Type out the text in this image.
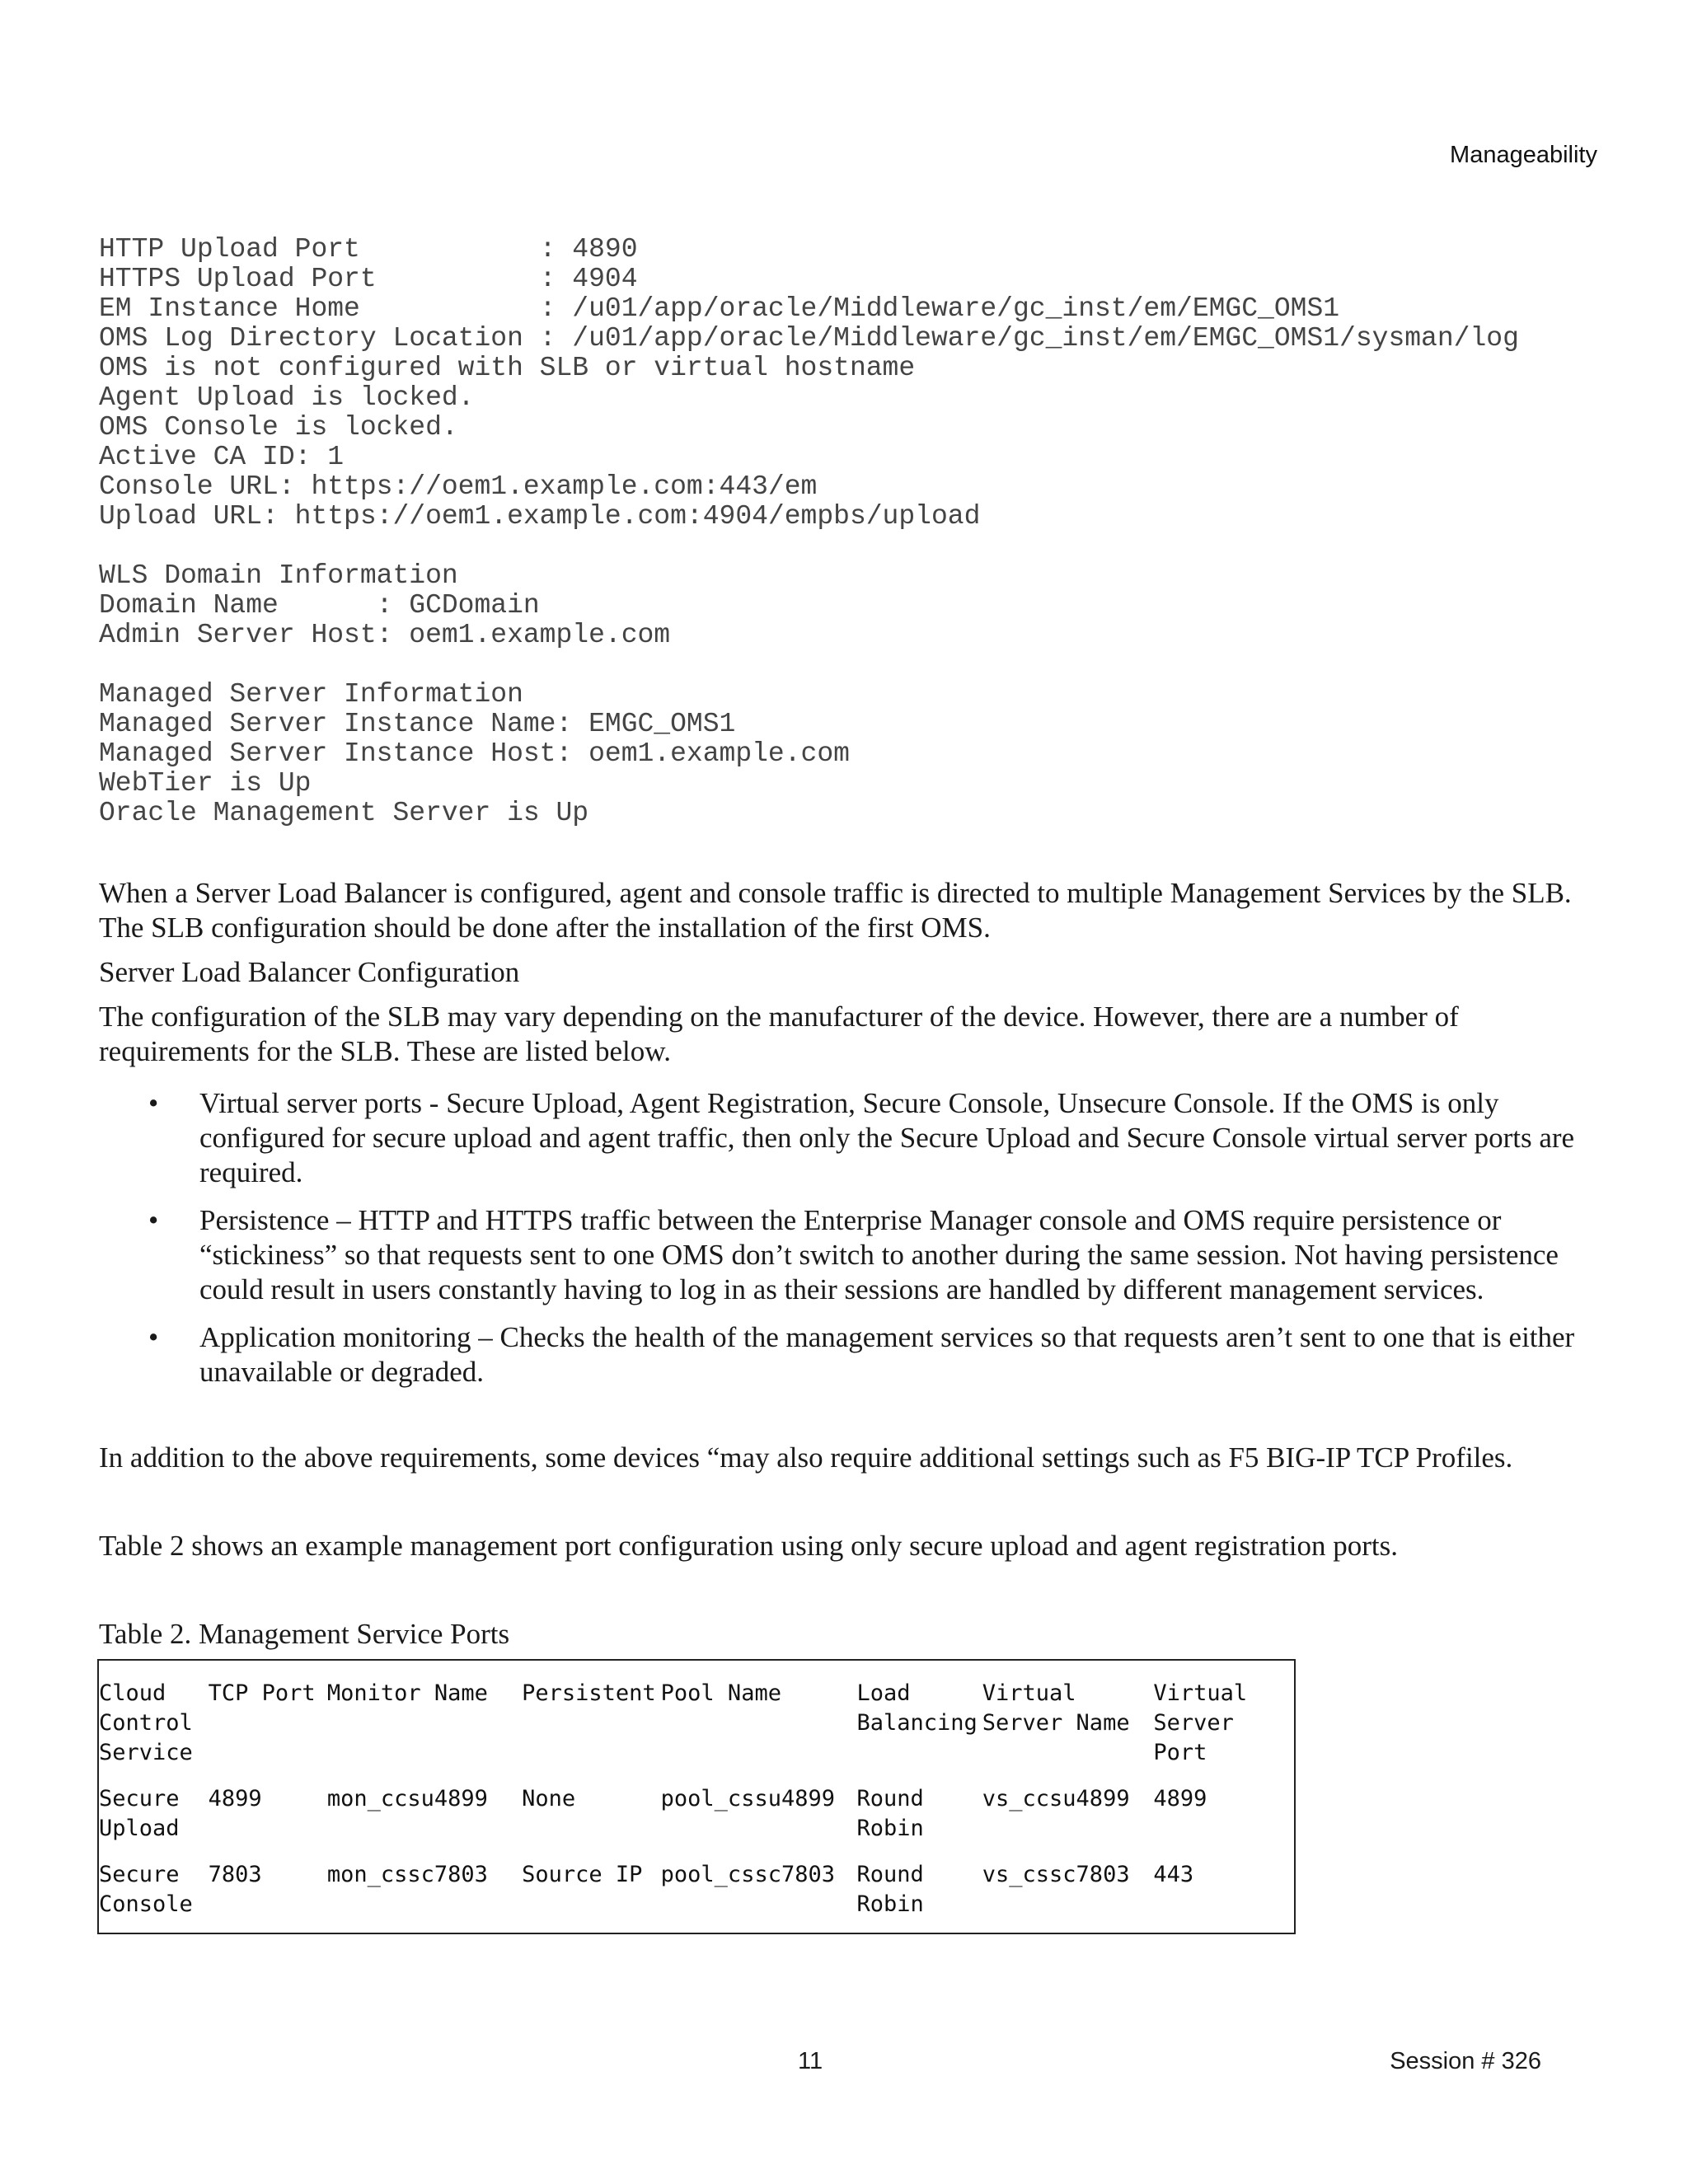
Manageability
HTTP Upload Port           : 4890
HTTPS Upload Port          : 4904
EM Instance Home           : /u01/app/oracle/Middleware/gc_inst/em/EMGC_OMS1
OMS Log Directory Location : /u01/app/oracle/Middleware/gc_inst/em/EMGC_OMS1/sysman/log
OMS is not configured with SLB or virtual hostname
Agent Upload is locked.
OMS Console is locked.
Active CA ID: 1
Console URL: https://oem1.example.com:443/em
Upload URL: https://oem1.example.com:4904/empbs/upload

WLS Domain Information
Domain Name      : GCDomain
Admin Server Host: oem1.example.com

Managed Server Information
Managed Server Instance Name: EMGC_OMS1
Managed Server Instance Host: oem1.example.com
WebTier is Up
Oracle Management Server is Up

When a Server Load Balancer is configured, agent and console traffic is directed to multiple Management Services by the SLB. The SLB configuration should be done after the installation of the first OMS.

Server Load Balancer Configuration

The configuration of the SLB may vary depending on the manufacturer of the device. However, there are a number of requirements for the SLB. These are listed below.

• Virtual server ports - Secure Upload, Agent Registration, Secure Console, Unsecure Console. If the OMS is only configured for secure upload and agent traffic, then only the Secure Upload and Secure Console virtual server ports are required.
• Persistence – HTTP and HTTPS traffic between the Enterprise Manager console and OMS require persistence or “stickiness” so that requests sent to one OMS don’t switch to another during the same session. Not having persistence could result in users constantly having to log in as their sessions are handled by different management services.
• Application monitoring – Checks the health of the management services so that requests aren’t sent to one that is either unavailable or degraded.
In addition to the above requirements, some devices “may also require additional settings such as F5 BIG-IP TCP Profiles.
Table 2 shows an example management port configuration using only secure upload and agent registration ports.
Table 2. Management Service Ports
Cloud Control Service	TCP Port	Monitor Name	Persistent	Pool Name	Load Balancing	Virtual Server Name	Virtual Server Port
Secure Upload	4899	mon_ccsu4899	None	pool_cssu4899	Round Robin	vs_ccsu4899	4899
Secure Console	7803	mon_cssc7803	Source IP	pool_cssc7803	Round Robin	vs_cssc7803	443
11	Session # 326
